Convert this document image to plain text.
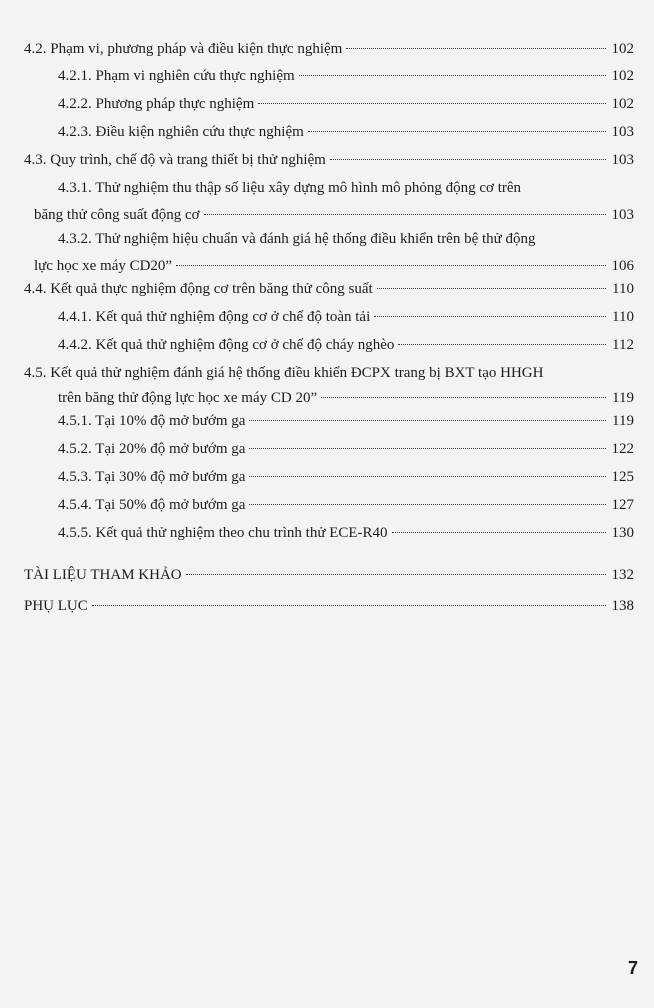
4.2. Phạm vi, phương pháp và điều kiện thực nghiệm	102
4.2.1. Phạm vi nghiên cứu thực nghiệm	102
4.2.2. Phương pháp thực nghiệm	102
4.2.3. Điều kiện nghiên cứu thực nghiệm	103
4.3. Quy trình, chế độ và trang thiết bị thử nghiệm	103
4.3.1. Thử nghiệm thu thập số liệu xây dựng mô hình mô phỏng động cơ trên
băng thử công suất động cơ	103
4.3.2. Thử nghiệm hiệu chuẩn và đánh giá hệ thống điều khiển trên bệ thử động
lực học xe máy CD20”	106
4.4. Kết quả thực nghiệm động cơ trên băng thử công suất	110
4.4.1. Kết quả thử nghiệm động cơ ở chế độ toàn tải	110
4.4.2. Kết quả thử nghiệm động cơ ở chế độ cháy nghèo	112
4.5. Kết quả thử nghiệm đánh giá hệ thống điều khiển ĐCPX trang bị BXT tạo HHGH
trên băng thử động lực học xe máy CD 20”	119
4.5.1. Tại 10% độ mở bướm ga	119
4.5.2. Tại 20% độ mở bướm ga	122
4.5.3. Tại 30% độ mở bướm ga	125
4.5.4. Tại 50% độ mở bướm ga	127
4.5.5. Kết quả thử nghiệm theo chu trình thử ECE-R40	130
TÀI LIỆU THAM KHẢO	132
PHỤ LỤC	138
7
